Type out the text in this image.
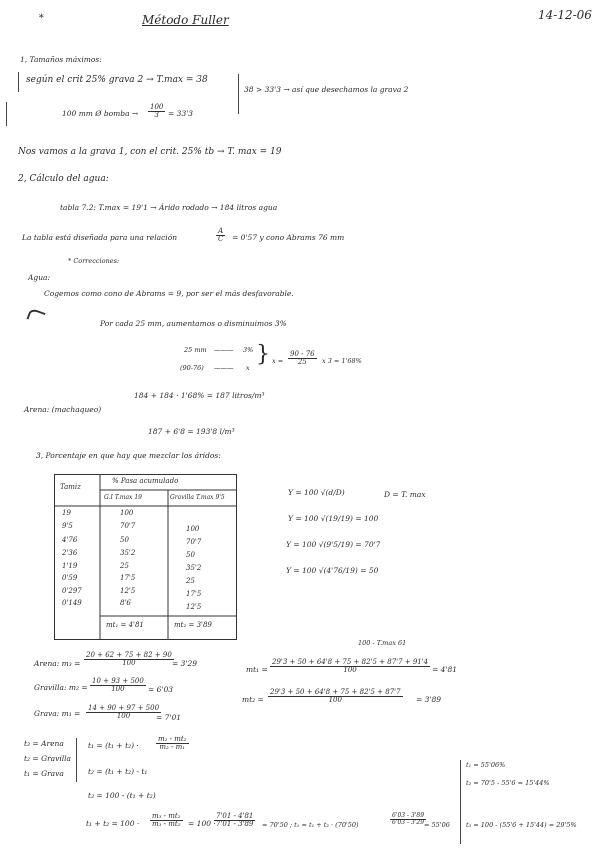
∗	Método Fuller	14-12-06
1, Tamaños máximos:
según el crit 25% grava 2 → T.max = 38
38 > 33'3 → así que desechamos la grava 2
100 mm Ø bomba → $\frac{100}{3} = 33'3$
Nos vamos a la grava 1, con el crit. 25% tb → T. max = 19
2, Cálculo del agua:
tabla 7.2: T.max = 19'1 → Árido rodado → 184 litros agua
La tabla está diseñada para una relación	$\frac{A}{C} = 0'57$ y cono Abrams 76 mm
* Correcciones:
Agua:
Cogemos como cono de Abrams = 9, por ser el más desfavorable.
Por cada 25 mm, aumentamos o disminuimos 3%
25 mm ——— 3%
(90-76) ——— x
} $x = \frac{90 - 76}{25}$ x 3 = 1'68%
184 + 184 · 1'68% = 187 litros/m³
Arena: (machaqueo)
187 + 6'8 = 193'8 l/m³
3, Porcentaje en que hay que mezclar los áridos:
Tamiz
% Pasa acumulado
G.I T.max 19	Gravilla T.max 9'5
19	100
9'5	70'7	100
4'76	50	70'7
2'36	35'2	50
1'19	25	35'2
0'59	17'5	25
0'297	12'5	17'5
0'149	8'6	12'5
mt₁ = 4'81	mt₂ = 3'89
Y = 100 √(d/D)	D = T. max
Y = 100 √(19/19) = 100
Y = 100 √(9'5/19) = 70'7
Y = 100 √(4'76/19) = 50
Arena: $m_3 = \frac{20 + 62 + 75 + 82 + 90}{100}$
= 3'29
Gravilla: $m_2 = \frac{10 + 93 + 500}{100} = 6'03$
Grava: $m_1 = \frac{14 + 90 + 97 + 500}{100}$
= 7'01
100 - T.max 61
$mt_1 = \frac{29'3 + 50 + 64'8 + 75 + 82'5 + 87'7 + 91'4}{100} = 4'81$
$mt_2 = \frac{29'3 + 50 + 64'8 + 75 + 82'5 + 87'7}{100} = 3'89$
t₃ = Arena
t₂ = Gravilla
t₁ = Grava
$t_1 = (t_1 + t_2) \cdot \frac{\text{m₂ - mt₂}}{\text{m₂ - m₁}}$
t₂ = (t₁ + t₂) - t₁
t₃ = 100 - (t₁ + t₂)
$t_1 + t_2 = 100 \cdot \frac{\text{m₃ - mt₂}}{\text{m₃ - mt₂}} = 100$ ·
$\frac{7'01 - 4'81}{7'01 - 3'89} = 70'50$ ; t₁ = t₁ + t₂ · (70'50)	$\frac{6'03 - 3'89}{6'03 - 3'29}$
= 55'06
t₁ = 55'06%
t₂ = 70'5 - 55'6 = 15'44%
t₃ = 100 - (55'6 + 15'44) = 29'5%
